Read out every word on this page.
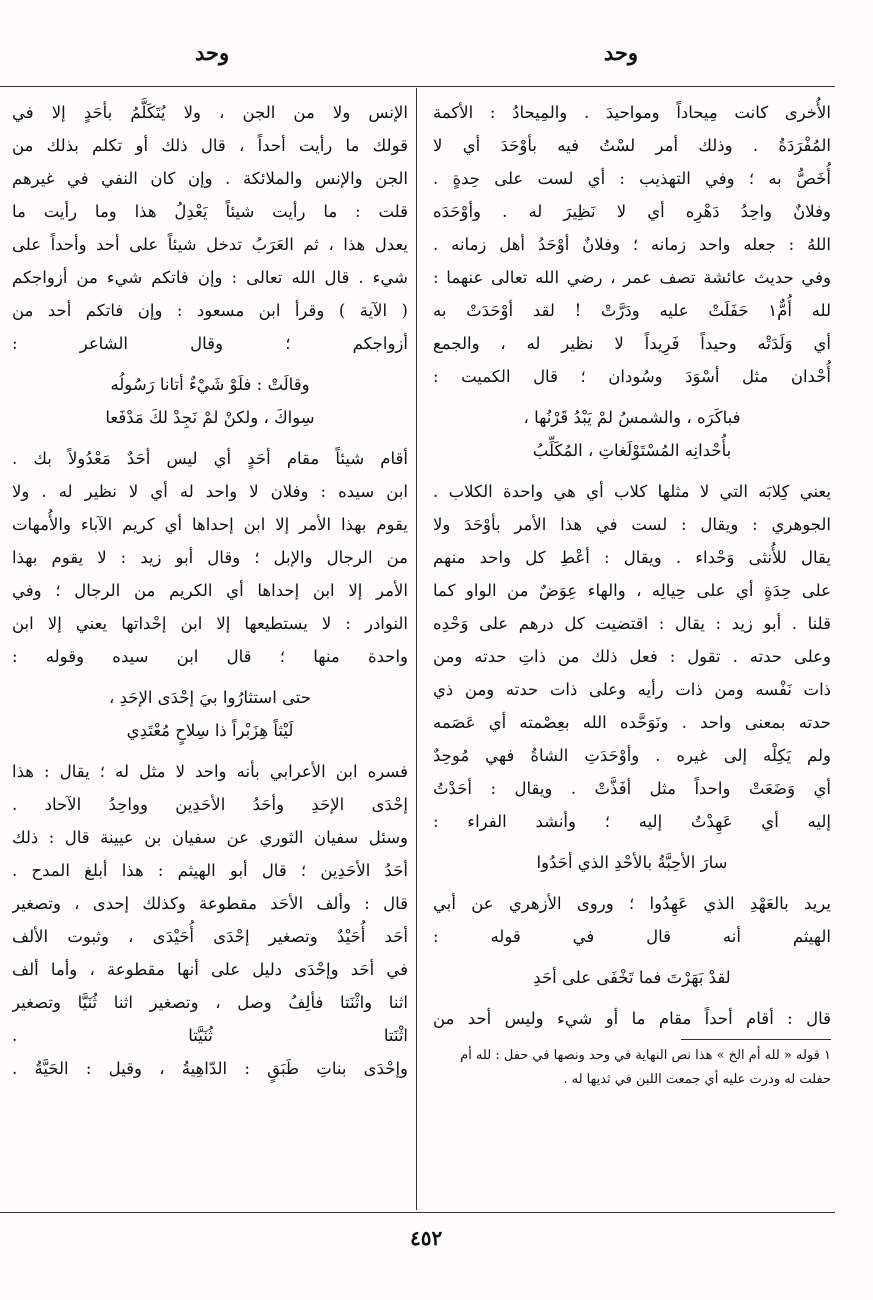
وحد
وحد
الأُخرى كانت مِيحاداً ومواحيدَ . والمِيحادُ : الأكمة
المُفْرَدَةُ . وذلك أمر لسْتُ فيه بأوْحَدَ أي لا
أُخَصُّ به ؛ وفي التهذيب : أي لست على حِدةٍ .
وفلانٌ واحِدُ دَهْرِه أي لا نَظِيرَ له . وأوْحَدَه
اللهُ : جعله واحد زمانه ؛ وفلانٌ أوْحَدُ أهل زمانه .
وفي حديث عائشة تصف عمر ، رضي الله تعالى عنهما :
لله أُمٌّ١ حَفَلَتْ عليه ودَرَّتْ ! لقد أوْحَدَتْ به
أي وَلَدَتْه وحيداً فَرِيداً لا نظير له ، والجمع
أُحْدان مثل أسْوَدَ وسُودان ؛ قال الكميت :
فباكَرَه ، والشمسُ لمْ يَبْدُ قَرْنُها ،
بأُحْدانِه المُسْتَوْلَغاتِ ، المُكَلِّبُ
يعني كِلابَه التي لا مثلها كلاب أي هي واحدة الكلاب .
الجوهري : ويقال : لست في هذا الأمر بأوْحَدَ ولا
يقال للأُنثى وَحْداء . ويقال : أعْطِ كل واحد منهم
على حِدَةٍ أي على حِيالِه ، والهاء عِوَضٌ من الواو كما
قلنا . أبو زيد : يقال : اقتضيت كل درهم على وَحْدِه
وعلى حدته . تقول : فعل ذلك من ذاتِ حدته ومن
ذات نَفْسه ومن ذات رأيه وعلى ذات حدته ومن ذي
حدته بمعنى واحد . ونَوَحَّده الله بعِصْمته أي عَصَمه
ولم يَكِلْه إلى غيره . وأوْحَدَتِ الشاةُ فهي مُوحِدٌ
أي وَضَعَتْ واحداً مثل أفَذَّتْ . ويقال : أحَدْتُ
إليه أي عَهِدْتُ إليه ؛ وأنشد الفراء :
سارَ الأحِبَّةُ بالأحْدِ الذي أحَدُوا
يريد بالعَهْدِ الذي عَهِدُوا ؛ وروى الأزهري عن أبي
الهيثم أنه قال في قوله :
لقدْ بَهَرْتَ فما تَخْفَى على أحَدِ
قال : أقام أحداً مقام ما أو شيء وليس أحد من
١ قوله « لله أم الخ » هذا نص النهاية في وحد ونصها في حفل : لله أم
حفلت له ودرت عليه أي جمعت اللبن في ثديها له .
الإنس ولا من الجن ، ولا يُتَكَلَّمُ بأحَدٍ إلا في
قولك ما رأيت أحداً ، قال ذلك أو تكلم بذلك من
الجن والإنس والملائكة . وإن كان النفي في غيرهم
قلت : ما رأيت شيئاً يَعْدِلُ هذا وما رأيت ما
يعدل هذا ، ثم العَرَبُ تدخل شيئاً على أحد وأحداً على
شيء . قال الله تعالى : وإن فاتكم شيء من أزواجكم
( الآية ) وقرأ ابن مسعود : وإن فاتكم أحد من
أزواجكم ؛ وقال الشاعر :
وقالَتْ : فلَوْ شَيْءٌ أتانا رَسُولُه
سِواكَ ، ولكنْ لمْ نَجِدْ لكَ مَدْفَعا
أقام شيئاً مقام أحَدٍ أي ليس أحَدٌ مَعْدُولاً بك .
ابن سيده : وفلان لا واحد له أي لا نظير له . ولا
يقوم بهذا الأمر إلا ابن إحداها أي كريم الآباء والأُمهات
من الرجال والإبل ؛ وقال أبو زيد : لا يقوم بهذا
الأمر إلا ابن إحداها أي الكريم من الرجال ؛ وفي
النوادر : لا يستطيعها إلا ابن إحْداتها يعني إلا ابن
واحدة منها ؛ قال ابن سيده وقوله :
حتى استثارُوا بيَ إحْدَى الإحَدِ ،
لَيْثاً هِزَبْراً ذا سِلاحٍ مُعْتَدِي
فسره ابن الأعرابي بأنه واحد لا مثل له ؛ يقال : هذا
إحْدَى الإحَدِ وأحَدُ الأحَدِين وواحِدُ الآحاد .
وسئل سفيان الثوري عن سفيان بن عيينة قال : ذلك
أحَدُ الأحَدِين ؛ قال أبو الهيثم : هذا أبلغ المدح .
قال : وألف الأحَد مقطوعة وكذلك إحدى ، وتصغير
أحَد أُحَيْدٌ وتصغير إحْدَى أُحَيْدَى ، وثبوت الألف
في أحَد وإحْدَى دليل على أنها مقطوعة ، وأما ألف
اثنا واثْنَتا فألِفُ وصل ، وتصغير اثنا ثُنَيَّا وتصغير
اثْنَتا ثُنَيَّتا .
وإحْدَى بناتِ طَبَقٍ : الدّاهِيةُ ، وقيل : الحَيَّةُ .
٤٥٢
